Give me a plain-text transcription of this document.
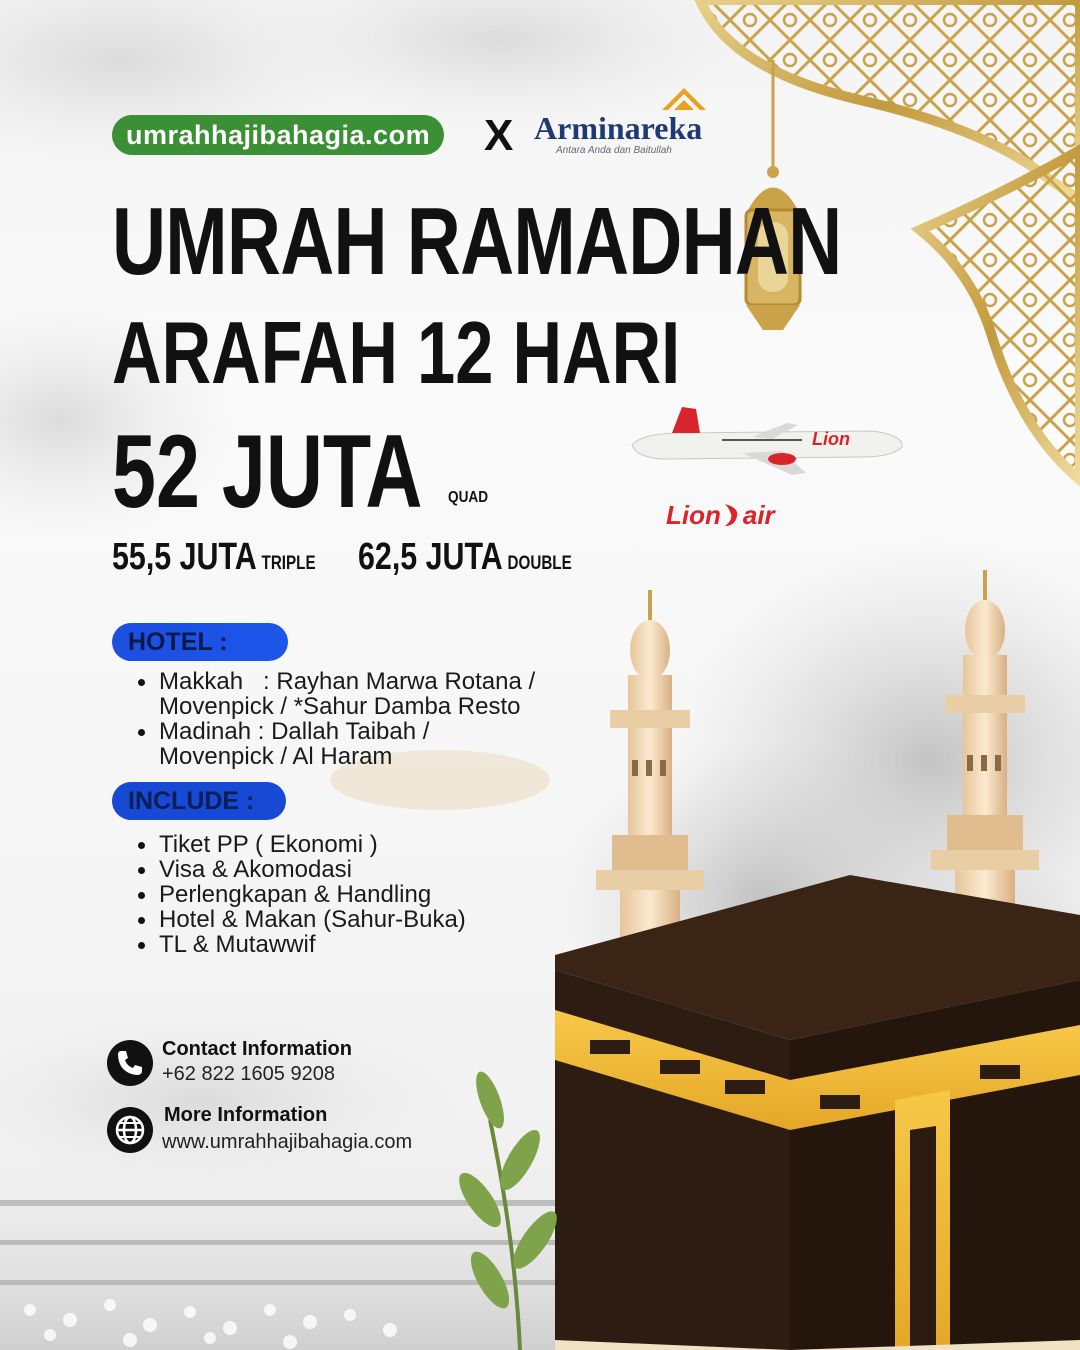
umrahhajibahagia.com	X Arminareka
Antara Anda dan Baitullah
UMRAH RAMADHAN
ARAFAH 12 HARI
52 JUTA QUAD
55,5 JUTA TRIPLE 62,5 JUTA DOUBLE
Lion
Lion air
HOTEL :
Makkah   : Rayhan Marwa Rotana /
Movenpick / *Sahur Damba Resto
Madinah : Dallah Taibah /
Movenpick / Al Haram
INCLUDE :
Tiket PP ( Ekonomi )
Visa & Akomodasi
Perlengkapan & Handling
Hotel & Makan (Sahur-Buka)
TL & Mutawwif
Contact Information
+62 822 1605 9208
More Information
www.umrahhajibahagia.com
